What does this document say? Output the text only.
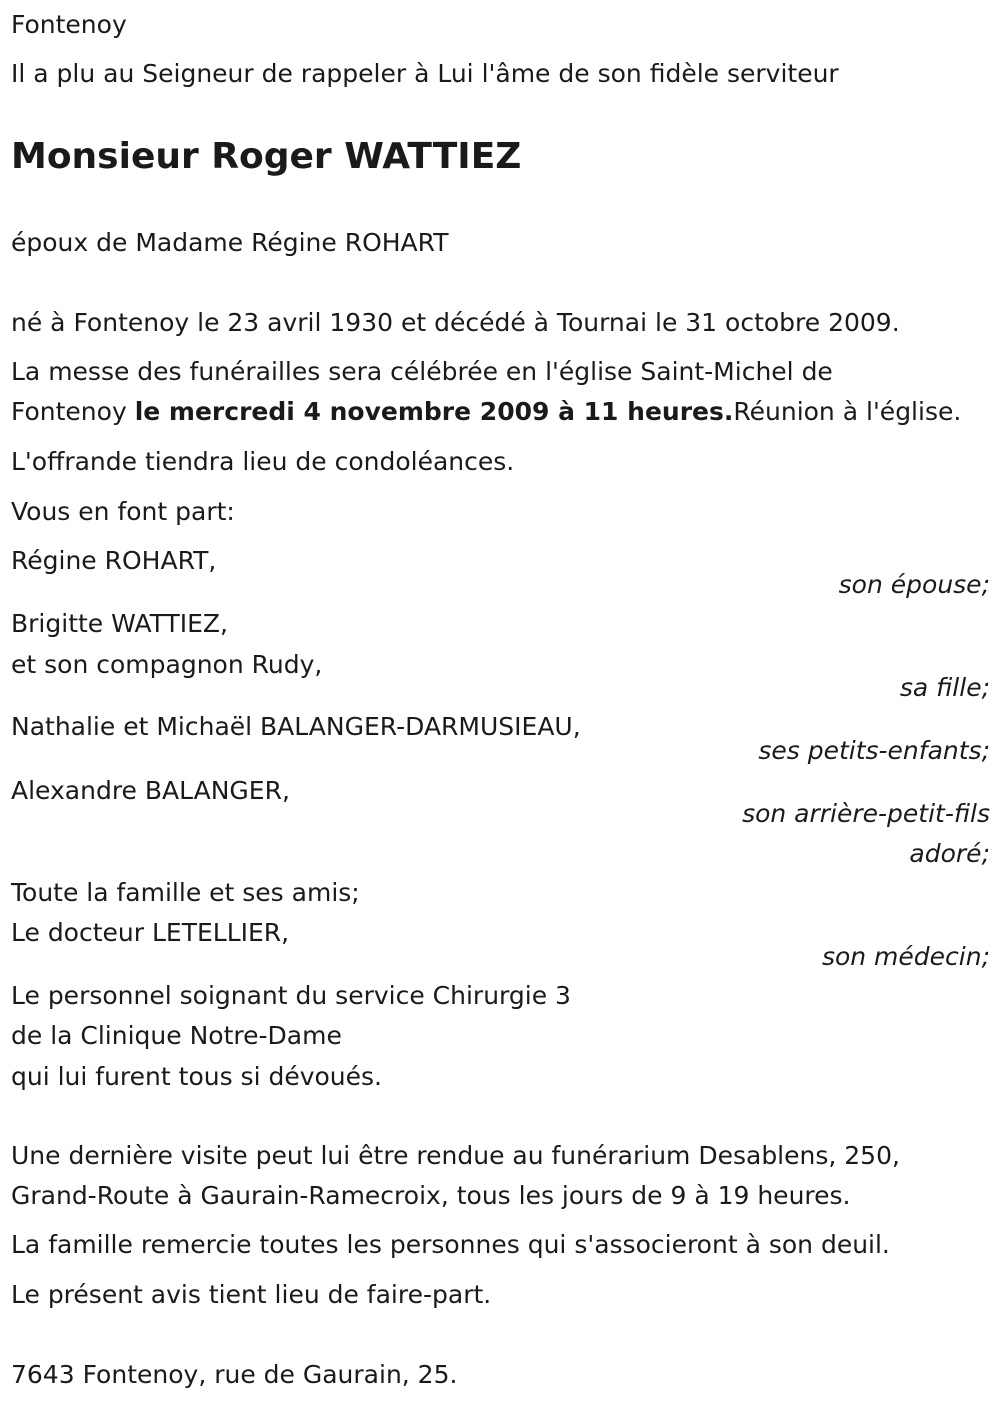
Fontenoy
Il a plu au Seigneur de rappeler à Lui l'âme de son fidèle serviteur
Monsieur Roger WATTIEZ
époux de Madame Régine ROHART
né à Fontenoy le 23 avril 1930 et décédé à Tournai le 31 octobre 2009.
La messe des funérailles sera célébrée en l'église Saint-Michel de
Fontenoy le mercredi 4 novembre 2009 à 11 heures.Réunion à l'église.
L'offrande tiendra lieu de condoléances.
Vous en font part:
Régine ROHART,
son épouse;
Brigitte WATTIEZ,
et son compagnon Rudy,
sa fille;
Nathalie et Michaël BALANGER-DARMUSIEAU,
ses petits-enfants;
Alexandre BALANGER,
son arrière-petit-fils
adoré;
Toute la famille et ses amis;
Le docteur LETELLIER,
son médecin;
Le personnel soignant du service Chirurgie 3
de la Clinique Notre-Dame
qui lui furent tous si dévoués.
Une dernière visite peut lui être rendue au funérarium Desablens, 250,
Grand-Route à Gaurain-Ramecroix, tous les jours de 9 à 19 heures.
La famille remercie toutes les personnes qui s'associeront à son deuil.
Le présent avis tient lieu de faire-part.
7643 Fontenoy, rue de Gaurain, 25.
